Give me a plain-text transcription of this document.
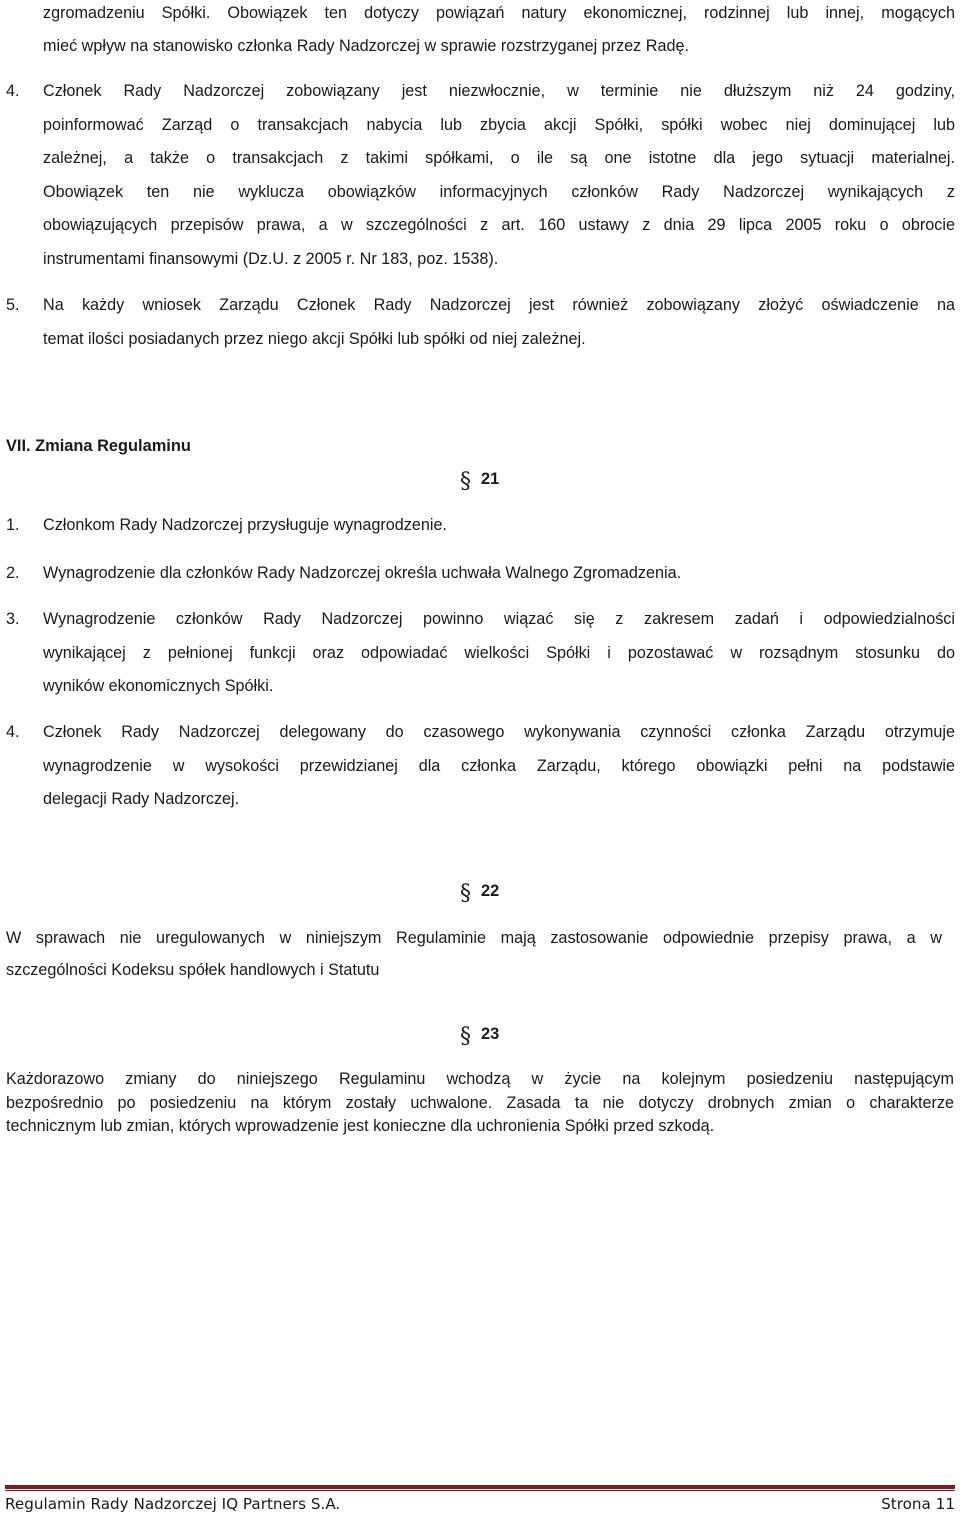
zgromadzeniu Spółki. Obowiązek ten dotyczy powiązań natury ekonomicznej, rodzinnej lub innej, mogących
mieć wpływ na stanowisko członka Rady Nadzorczej w sprawie rozstrzyganej przez Radę.
4. Członek Rady Nadzorczej zobowiązany jest niezwłocznie, w terminie nie dłuższym niż 24 godziny,
poinformować Zarząd o transakcjach nabycia lub zbycia akcji Spółki, spółki wobec niej dominującej lub
zależnej, a także o transakcjach z takimi spółkami, o ile są one istotne dla jego sytuacji materialnej.
Obowiązek ten nie wyklucza obowiązków informacyjnych członków Rady Nadzorczej wynikających z
obowiązujących przepisów prawa, a w szczególności z art. 160 ustawy z dnia 29 lipca 2005 roku o obrocie
instrumentami finansowymi (Dz.U. z 2005 r. Nr 183, poz. 1538).
5. Na każdy wniosek Zarządu Członek Rady Nadzorczej jest również zobowiązany złożyć oświadczenie na
temat ilości posiadanych przez niego akcji Spółki lub spółki od niej zależnej.
VII. Zmiana Regulaminu
§ 21
1. Członkom Rady Nadzorczej przysługuje wynagrodzenie.
2. Wynagrodzenie dla członków Rady Nadzorczej określa uchwała Walnego Zgromadzenia.
3. Wynagrodzenie członków Rady Nadzorczej powinno wiązać się z zakresem zadań i odpowiedzialności
wynikającej z pełnionej funkcji oraz odpowiadać wielkości Spółki i pozostawać w rozsądnym stosunku do
wyników ekonomicznych Spółki.
4. Członek Rady Nadzorczej delegowany do czasowego wykonywania czynności członka Zarządu otrzymuje
wynagrodzenie w wysokości przewidzianej dla członka Zarządu, którego obowiązki pełni na podstawie
delegacji Rady Nadzorczej.
§ 22
W sprawach nie uregulowanych w niniejszym Regulaminie mają zastosowanie odpowiednie przepisy prawa, a w
szczególności Kodeksu spółek handlowych i Statutu
§ 23
Każdorazowo zmiany do niniejszego Regulaminu wchodzą w życie na kolejnym posiedzeniu następującym
bezpośrednio po posiedzeniu na którym zostały uchwalone. Zasada ta nie dotyczy drobnych zmian o charakterze
technicznym lub zmian, których wprowadzenie jest konieczne dla uchronienia Spółki przed szkodą.
Regulamin Rady Nadzorczej IQ Partners S.A.	Strona 11
